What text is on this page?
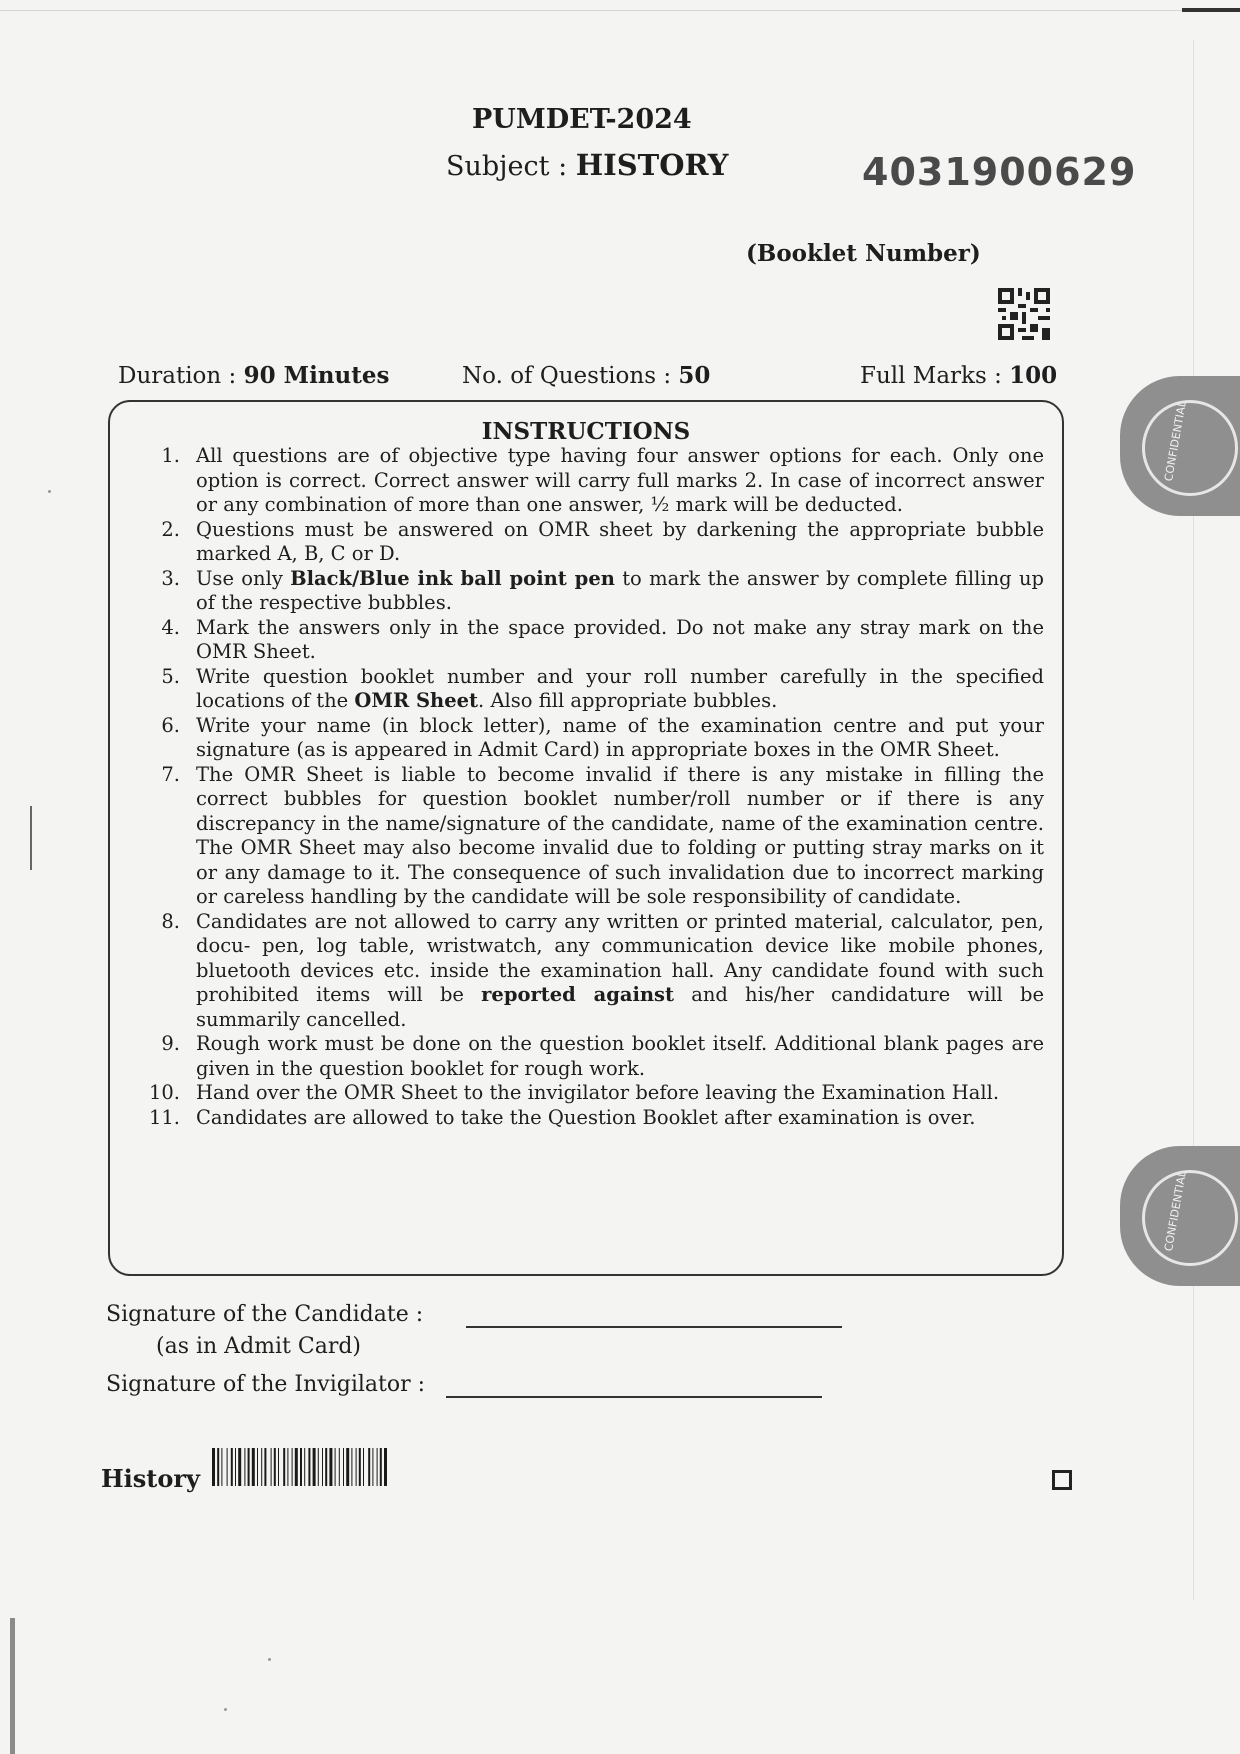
PUMDET-2024
Subject : HISTORY	4031900629
(Booklet Number)
Duration : 90 Minutes	No. of Questions : 50	Full Marks : 100
INSTRUCTIONS
1. All questions are of objective type having four answer options for each. Only one option is correct. Correct answer will carry full marks 2. In case of incorrect answer or any combination of more than one answer, ½ mark will be deducted.
2. Questions must be answered on OMR sheet by darkening the appropriate bubble marked A, B, C or D.
3. Use only Black/Blue ink ball point pen to mark the answer by complete filling up of the respective bubbles.
4. Mark the answers only in the space provided. Do not make any stray mark on the OMR Sheet.
5. Write question booklet number and your roll number carefully in the specified locations of the OMR Sheet. Also fill appropriate bubbles.
6. Write your name (in block letter), name of the examination centre and put your signature (as is appeared in Admit Card) in appropriate boxes in the OMR Sheet.
7. The OMR Sheet is liable to become invalid if there is any mistake in filling the correct bubbles for question booklet number/roll number or if there is any discrepancy in the name/signature of the candidate, name of the examination centre. The OMR Sheet may also become invalid due to folding or putting stray marks on it or any damage to it. The consequence of such invalidation due to incorrect marking or careless handling by the candidate will be sole responsibility of candidate.
8. Candidates are not allowed to carry any written or printed material, calculator, pen, docu- pen, log table, wristwatch, any communication device like mobile phones, bluetooth devices etc. inside the examination hall. Any candidate found with such prohibited items will be reported against and his/her candidature will be summarily cancelled.
9. Rough work must be done on the question booklet itself. Additional blank pages are given in the question booklet for rough work.
10. Hand over the OMR Sheet to the invigilator before leaving the Examination Hall.
11. Candidates are allowed to take the Question Booklet after examination is over.
CONFIDENTIAL
CONFIDENTIAL
Signature of the Candidate :
(as in Admit Card)
Signature of the Invigilator :
History
